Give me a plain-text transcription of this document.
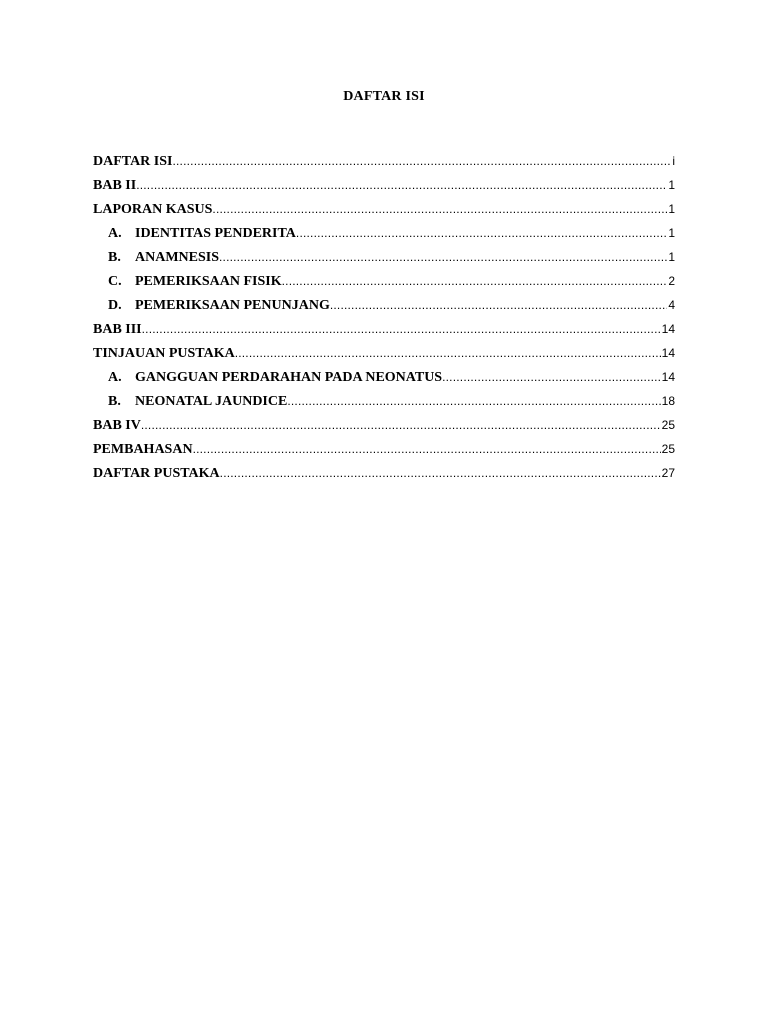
DAFTAR ISI
DAFTAR ISI .....	i
BAB II .....	1
LAPORAN KASUS .....	1
A. IDENTITAS PENDERITA .....	1
B. ANAMNESIS .....	1
C. PEMERIKSAAN FISIK .....	2
D. PEMERIKSAAN PENUNJANG .....	4
BAB III .....	14
TINJAUAN PUSTAKA .....	14
A. GANGGUAN PERDARAHAN PADA NEONATUS .....	14
B. NEONATAL JAUNDICE .....	18
BAB IV .....	25
PEMBAHASAN .....	25
DAFTAR PUSTAKA .....	27
